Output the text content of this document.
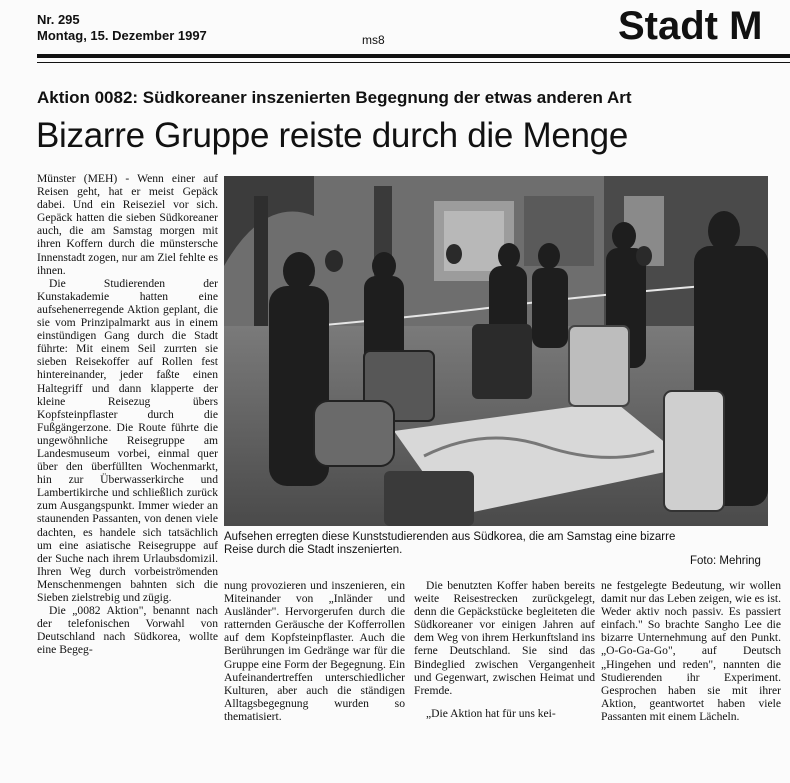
Nr. 295
Montag, 15. Dezember 1997	ms8	Stadt M
Aktion 0082: Südkoreaner inszenierten Begegnung der etwas anderen Art
Bizarre Gruppe reiste durch die Menge

Münster (MEH) - Wenn einer auf Reisen geht, hat er meist Gepäck dabei. Und ein Reiseziel vor sich. Gepäck hatten die sieben Südkoreaner auch, die am Samstag morgen mit ihren Koffern durch die münstersche Innenstadt zogen, nur am Ziel fehlte es ihnen.

Die Studierenden der Kunstakademie hatten eine aufsehenerregende Aktion geplant, die sie vom Prinzipalmarkt aus in einem einstündigen Gang durch die Stadt führte: Mit einem Seil zurrten sie sieben Reisekoffer auf Rollen fest hintereinander, jeder faßte einen Haltegriff und dann klapperte der kleine Reisezug übers Kopfsteinpflaster durch die Fußgängerzone. Die Route führte die ungewöhnliche Reisegruppe am Landesmuseum vorbei, einmal quer über den überfüllten Wochenmarkt, hin zur Überwasserkirche und Lambertikirche und schließlich zurück zum Ausgangspunkt. Immer wieder an staunenden Passanten, von denen viele dachten, es handele sich tatsächlich um eine asiatische Reisegruppe auf der Suche nach ihrem Urlaubsdomizil. Ihren Weg durch vorbeiströmenden Menschenmengen bahnten sich die Sieben zielstrebig und zügig.

Die „0082 Aktion", benannt nach der telefonischen Vorwahl von Deutschland nach Südkorea, wollte eine Begeg-

Aufsehen erregten diese Kunststudierenden aus Südkorea, die am Samstag eine bizarre
Reise durch die Stadt inszenierten.
Foto: Mehring

nung provozieren und inszenieren, ein Miteinander von „Inländer und Ausländer". Hervorgerufen durch die ratternden Geräusche der Kofferrollen auf dem Kopfsteinpflaster. Auch die Berührungen im Gedränge war für die Gruppe eine Form der Begegnung. Ein Aufeinandertreffen unterschiedlicher Kulturen, aber auch die ständigen Alltagsbegegnung wurden so thematisiert.

Die benutzten Koffer haben bereits weite Reisestrecken zurückgelegt, denn die Gepäckstücke begleiteten die Südkoreaner vor einigen Jahren auf dem Weg von ihrem Herkunftsland ins ferne Deutschland. Sie sind das Bindeglied zwischen Vergangenheit und Gegenwart, zwischen Heimat und Fremde.

„Die Aktion hat für uns kei-

ne festgelegte Bedeutung, wir wollen damit nur das Leben zeigen, wie es ist. Weder aktiv noch passiv. Es passiert einfach." So brachte Sangho Lee die bizarre Unternehmung auf den Punkt. „O-Go-Ga-Go", auf Deutsch „Hingehen und reden", nannten die Studierenden ihr Experiment. Gesprochen haben sie mit ihrer Aktion, geantwortet haben viele Passanten mit einem Lächeln.
